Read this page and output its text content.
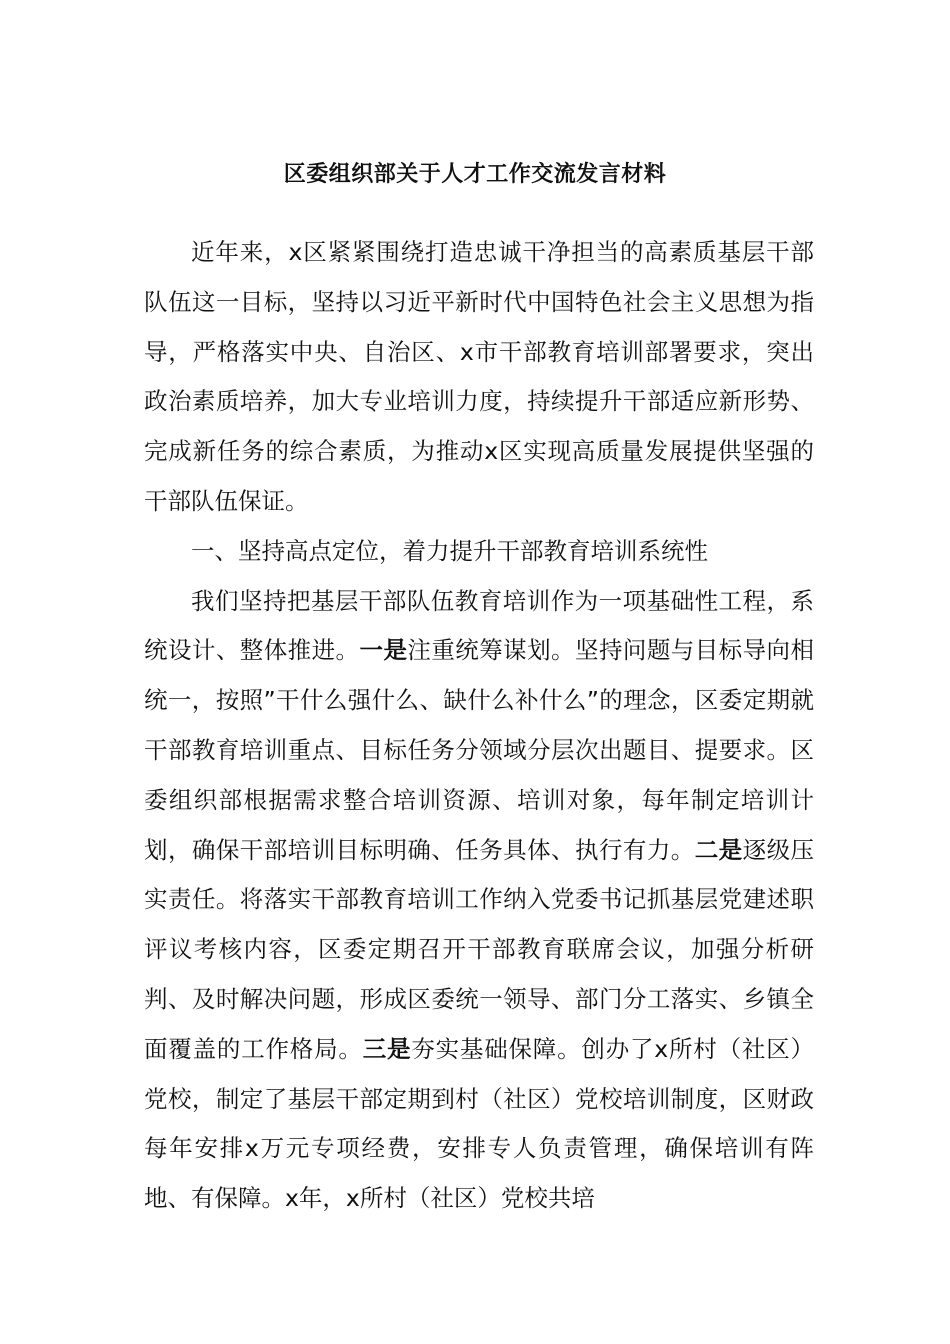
区委组织部关于人才工作交流发言材料

近年来，x区紧紧围绕打造忠诚干净担当的高素质基层干部队伍这一目标，坚持以习近平新时代中国特色社会主义思想为指导，严格落实中央、自治区、x市干部教育培训部署要求，突出政治素质培养，加大专业培训力度，持续提升干部适应新形势、完成新任务的综合素质，为推动x区实现高质量发展提供坚强的干部队伍保证。

一、坚持高点定位，着力提升干部教育培训系统性

我们坚持把基层干部队伍教育培训作为一项基础性工程，系统设计、整体推进。一是注重统筹谋划。坚持问题与目标导向相统一，按照”干什么强什么、缺什么补什么”的理念，区委定期就干部教育培训重点、目标任务分领域分层次出题目、提要求。区委组织部根据需求整合培训资源、培训对象，每年制定培训计划，确保干部培训目标明确、任务具体、执行有力。二是逐级压实责任。将落实干部教育培训工作纳入党委书记抓基层党建述职评议考核内容，区委定期召开干部教育联席会议，加强分析研判、及时解决问题，形成区委统一领导、部门分工落实、乡镇全面覆盖的工作格局。三是夯实基础保障。创办了x所村（社区）党校，制定了基层干部定期到村（社区）党校培训制度，区财政每年安排x万元专项经费，安排专人负责管理，确保培训有阵地、有保障。x年，x所村（社区）党校共培
